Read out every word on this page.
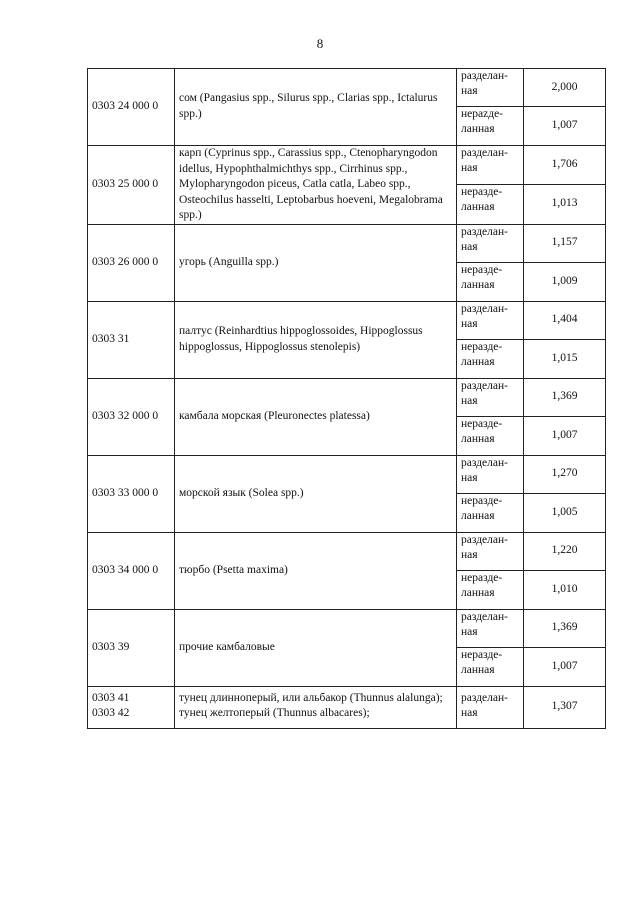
8
0303 24 000 0	сом (Pangasius spp., Silurus spp., Clarias spp., Ictalurus spp.)	разделан-ная	2,000
		нерazде-ланная	1,007
0303 25 000 0	карп (Cyprinus spp., Carassius spp., Ctenopharyngodon idellus, Hypophthalmichthys spp., Cirrhinus spp., Mylopharyngodon piceus, Catla catla, Labeo spp., Osteochilus hasselti, Leptobarbus hoeveni, Megalobrama spp.)	разделан-ная	1,706
		неразде-ланная	1,013
0303 26 000 0	угорь (Anguilla spp.)	разделан-ная	1,157
		неразде-ланная	1,009
0303 31	палтус (Reinhardtius hippoglossoides, Hippoglossus hippoglossus, Hippoglossus stenolepis)	разделан-ная	1,404
		неразде-ланная	1,015
0303 32 000 0	камбала морская (Pleuronectes platessa)	разделан-ная	1,369
		неразде-ланная	1,007
0303 33 000 0	морской язык (Solea spp.)	разделан-ная	1,270
		неразде-ланная	1,005
0303 34 000 0	тюрбо (Psetta maxima)	разделан-ная	1,220
		неразде-ланная	1,010
0303 39	прочие камбаловые	разделан-ная	1,369
		неразде-ланная	1,007

0303 41
0303 42	тунец длинноперый, или альбакор (Thunnus alalunga); тунец желтоперый (Thunnus albacares);	разделан-ная	1,307
